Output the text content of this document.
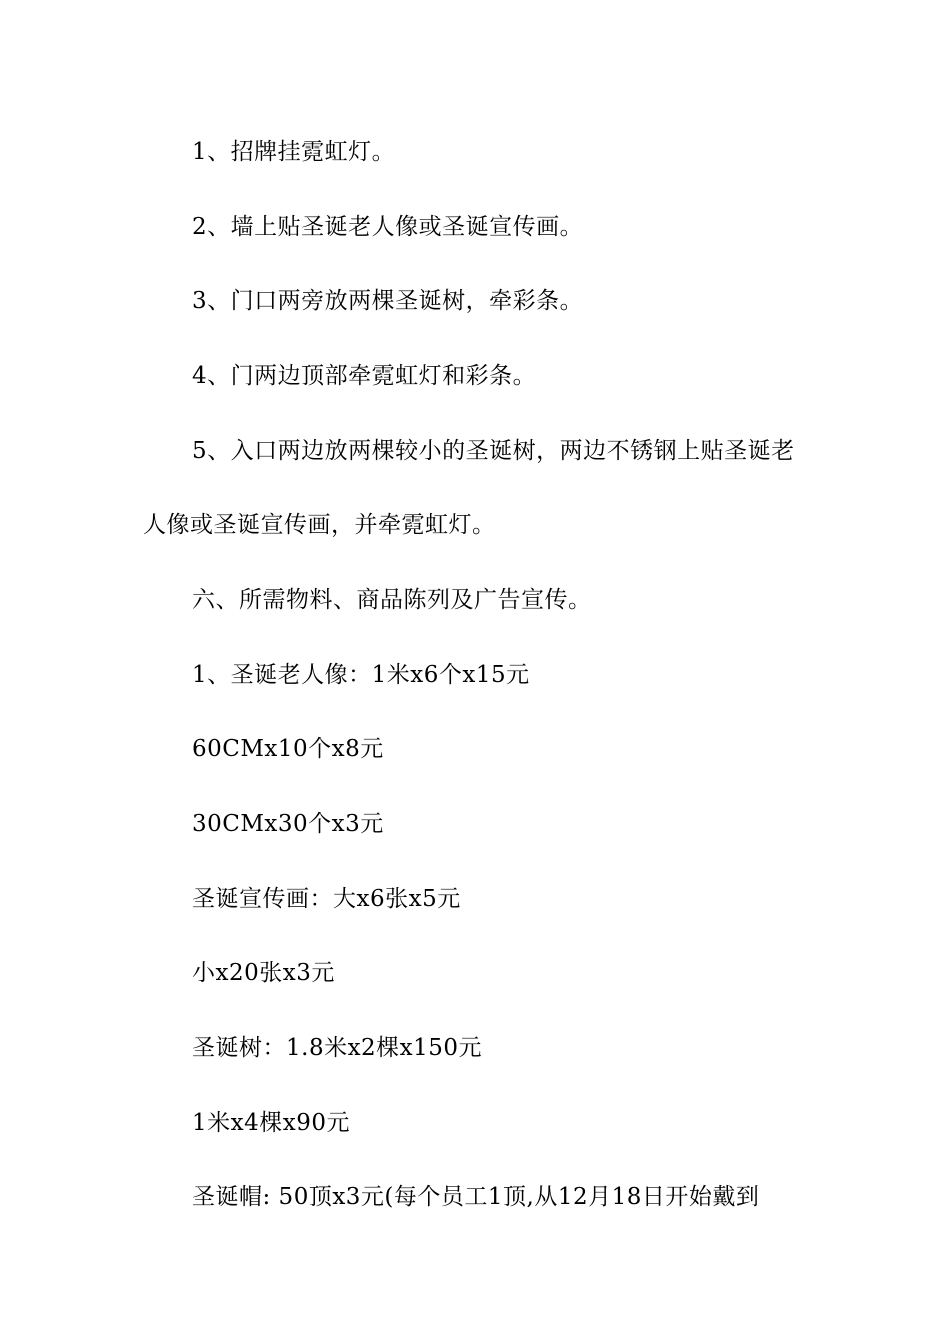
1、招牌挂霓虹灯。
2、墙上贴圣诞老人像或圣诞宣传画。
3、门口两旁放两棵圣诞树，牵彩条。
4、门两边顶部牵霓虹灯和彩条。
5、入口两边放两棵较小的圣诞树，两边不锈钢上贴圣诞老
人像或圣诞宣传画，并牵霓虹灯。
六、所需物料、商品陈列及广告宣传。
1、圣诞老人像：1米x6个x15元
60CMx10个x8元
30CMx30个x3元
圣诞宣传画：大x6张x5元
小x20张x3元
圣诞树：1.8米x2棵x150元
1米x4棵x90元
圣诞帽: 50顶x3元(每个员工1顶,从12月18日开始戴到
